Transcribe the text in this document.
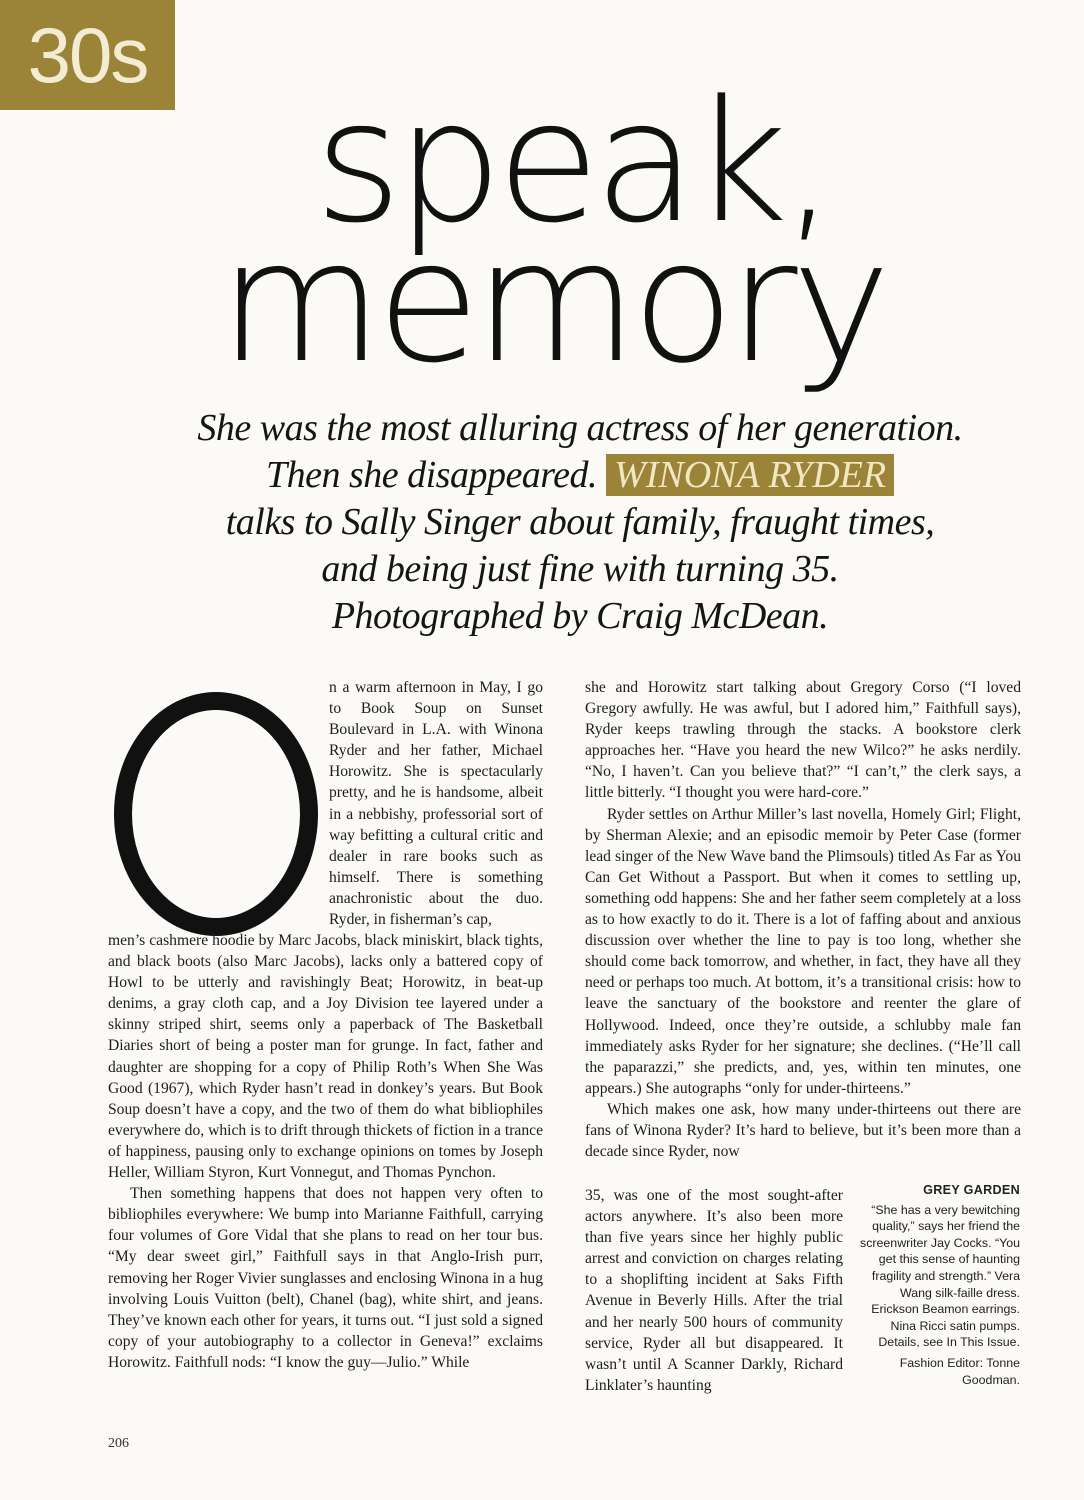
30s
speak,
memory
She was the most alluring actress of her generation.
Then she disappeared. WINONA RYDER
talks to Sally Singer about family, fraught times,
and being just fine with turning 35.
Photographed by Craig McDean.

n a warm afternoon in May, I go to Book Soup on Sunset Boulevard in L.A. with Winona Ryder and her father, Michael Horowitz. She is spectacularly pretty, and he is handsome, albeit in a nebbishy, professorial sort of way befitting a cultural critic and dealer in rare books such as himself. There is something anachronistic about the duo. Ryder, in fisherman’s cap,

men’s cashmere hoodie by Marc Jacobs, black miniskirt, black tights, and black boots (also Marc Jacobs), lacks only a battered copy of Howl to be utterly and ravishingly Beat; Horowitz, in beat-up denims, a gray cloth cap, and a Joy Division tee layered under a skinny striped shirt, seems only a paperback of The Basketball Diaries short of being a poster man for grunge. In fact, father and daughter are shopping for a copy of Philip Roth’s When She Was Good (1967), which Ryder hasn’t read in donkey’s years. But Book Soup doesn’t have a copy, and the two of them do what bibliophiles everywhere do, which is to drift through thickets of fiction in a trance of happiness, pausing only to exchange opinions on tomes by Joseph Heller, William Styron, Kurt Vonnegut, and Thomas Pynchon.

Then something happens that does not happen very often to bibliophiles everywhere: We bump into Marianne Faithfull, carrying four volumes of Gore Vidal that she plans to read on her tour bus. “My dear sweet girl,” Faithfull says in that Anglo-Irish purr, removing her Roger Vivier sunglasses and enclosing Winona in a hug involving Louis Vuitton (belt), Chanel (bag), white shirt, and jeans. They’ve known each other for years, it turns out. “I just sold a signed copy of your autobiography to a collector in Geneva!” exclaims Horowitz. Faithfull nods: “I know the guy—Julio.” While

she and Horowitz start talking about Gregory Corso (“I loved Gregory awfully. He was awful, but I adored him,” Faithfull says), Ryder keeps trawling through the stacks. A bookstore clerk approaches her. “Have you heard the new Wilco?” he asks nerdily. “No, I haven’t. Can you believe that?” “I can’t,” the clerk says, a little bitterly. “I thought you were hard-core.”

Ryder settles on Arthur Miller’s last novella, Homely Girl; Flight, by Sherman Alexie; and an episodic memoir by Peter Case (former lead singer of the New Wave band the Plimsouls) titled As Far as You Can Get Without a Passport. But when it comes to settling up, something odd happens: She and her father seem completely at a loss as to how exactly to do it. There is a lot of faffing about and anxious discussion over whether the line to pay is too long, whether she should come back tomorrow, and whether, in fact, they have all they need or perhaps too much. At bottom, it’s a transitional crisis: how to leave the sanctuary of the bookstore and reenter the glare of Hollywood. Indeed, once they’re outside, a schlubby male fan immediately asks Ryder for her signature; she declines. (“He’ll call the paparazzi,” she predicts, and, yes, within ten minutes, one appears.) She autographs “only for under-thirteens.”

Which makes one ask, how many under-thirteens out there are fans of Winona Ryder? It’s hard to believe, but it’s been more than a decade since Ryder, now

35, was one of the most sought-after actors anywhere. It’s also been more than five years since her highly public arrest and conviction on charges relating to a shoplifting incident at Saks Fifth Avenue in Beverly Hills. After the trial and her nearly 500 hours of community service, Ryder all but disappeared. It wasn’t until A Scanner Darkly, Richard Linklater’s haunting

GREY GARDEN
“She has a very bewitching quality,” says her friend the screenwriter Jay Cocks. “You get this sense of haunting fragility and strength.” Vera Wang silk-faille dress. Erickson Beamon earrings. Nina Ricci satin pumps. Details, see In This Issue.
Fashion Editor: Tonne Goodman.
206
